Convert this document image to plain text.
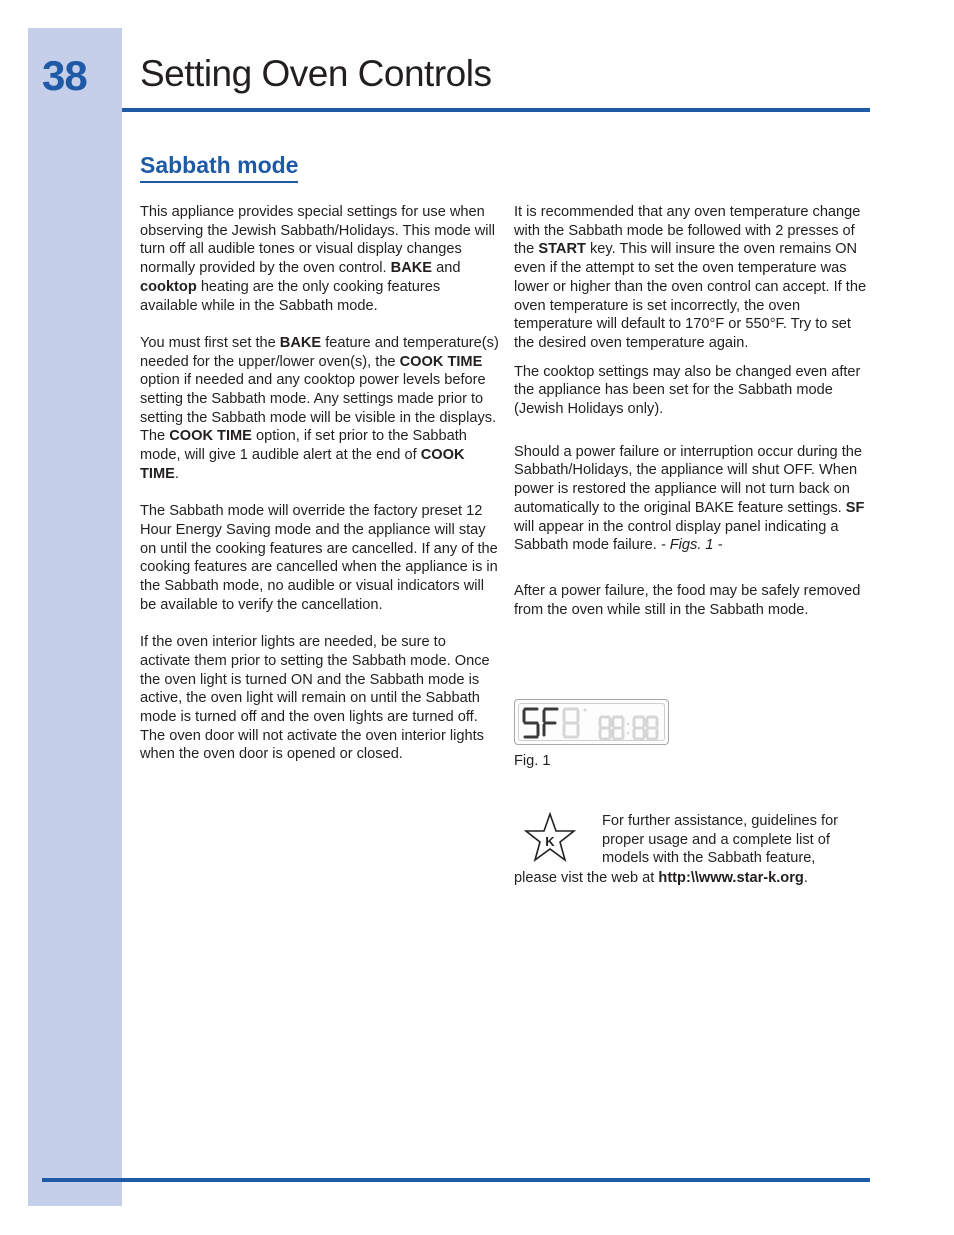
38 Setting Oven Controls
Sabbath mode

This appliance provides special settings for use when observing the Jewish Sabbath/Holidays. This mode will turn off all audible tones or visual display changes normally provided by the oven control. BAKE and cooktop heating are the only cooking features available while in the Sabbath mode.

You must first set the BAKE feature and temperature(s) needed for the upper/lower oven(s), the COOK TIME option if needed and any cooktop power levels before setting the Sabbath mode. Any settings made prior to setting the Sabbath mode will be visible in the displays. The COOK TIME option, if set prior to the Sabbath mode, will give 1 audible alert at the end of COOK TIME.

The Sabbath mode will override the factory preset 12 Hour Energy Saving mode and the appliance will stay on until the cooking features are cancelled. If any of the cooking features are cancelled when the appliance is in the Sabbath mode, no audible or visual indicators will be available to verify the cancellation.

If the oven interior lights are needed, be sure to activate them prior to setting the Sabbath mode. Once the oven light is turned ON and the Sabbath mode is active, the oven light will remain on until the Sabbath mode is turned off and the oven lights are turned off. The oven door will not activate the oven interior lights when the oven door is opened or closed.

It is recommended that any oven temperature change with the Sabbath mode be followed with 2 presses of the START key. This will insure the oven remains ON even if the attempt to set the oven temperature was lower or higher than the oven control can accept. If the oven temperature is set incorrectly, the oven temperature will default to 170°F or 550°F. Try to set the desired oven temperature again.

The cooktop settings may also be changed even after the appliance has been set for the Sabbath mode (Jewish Holidays only).

Should a power failure or interruption occur during the Sabbath/Holidays, the appliance will shut OFF. When power is restored the appliance will not turn back on automatically to the original BAKE feature settings. SF will appear in the control display panel indicating a Sabbath mode failure. - Figs. 1 -

After a power failure, the food may be safely removed from the oven while still in the Sabbath mode.

Fig. 1
K
For further assistance, guidelines for proper usage and a complete list of models with the Sabbath feature,
please vist the web at http:\\www.star-k.org.
